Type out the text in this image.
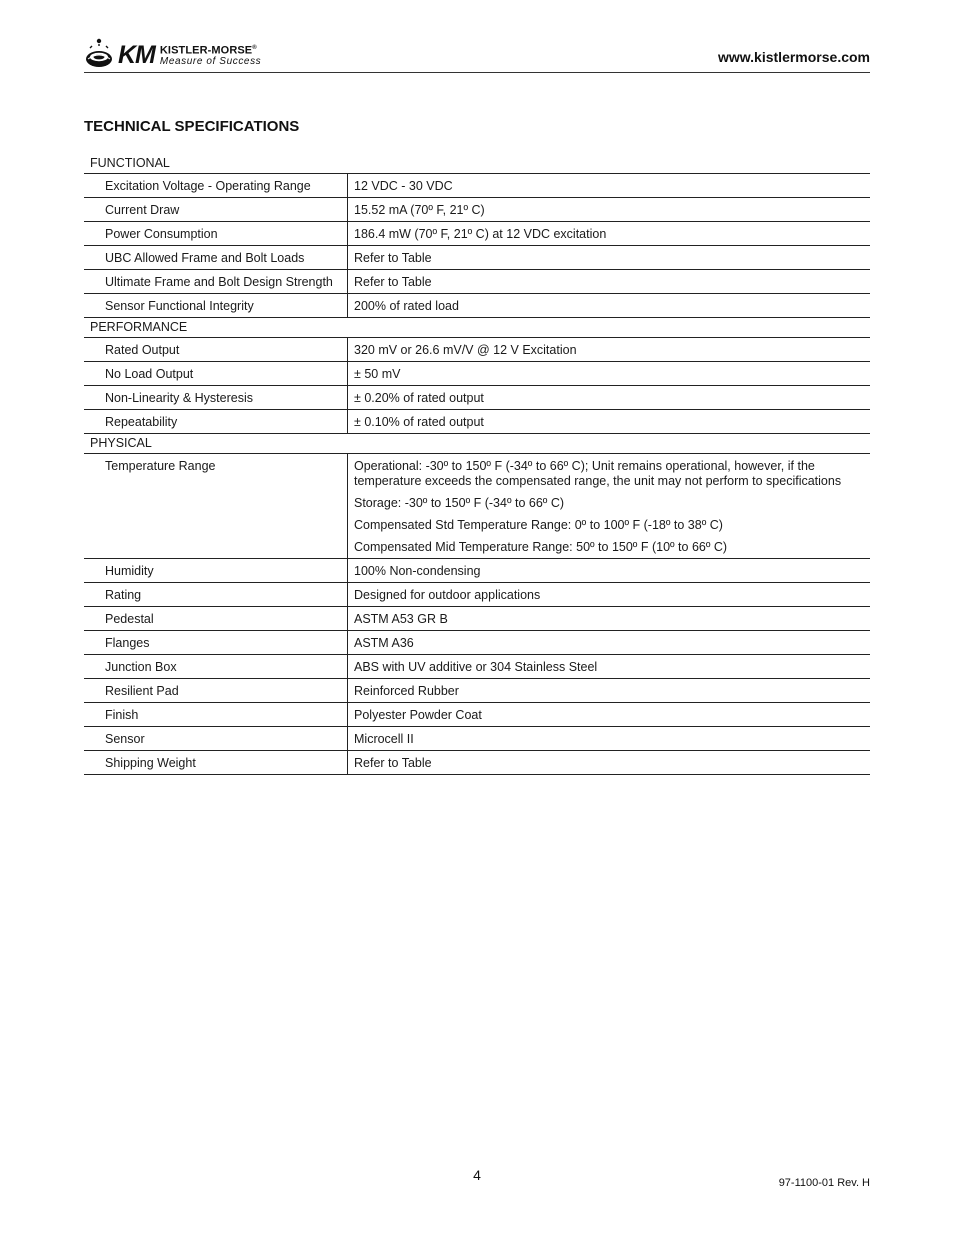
KM KISTLER-MORSE®
Measure of Success	www.kistlermorse.com
TECHNICAL SPECIFICATIONS
FUNCTIONAL
Excitation Voltage - Operating Range	12 VDC - 30 VDC
Current Draw	15.52 mA (70º F, 21º C)
Power Consumption	186.4 mW (70º F, 21º C) at 12 VDC excitation
UBC Allowed Frame and Bolt Loads	Refer to Table
Ultimate Frame and Bolt Design Strength	Refer to Table
Sensor Functional Integrity	200% of rated load
PERFORMANCE
Rated Output	320 mV or 26.6 mV/V @ 12 V Excitation
No Load Output	± 50 mV
Non-Linearity & Hysteresis	± 0.20% of rated output
Repeatability	± 0.10% of rated output
PHYSICAL
Temperature Range	Operational: -30º to 150º F (-34º to 66º C); Unit remains operational, however, if the temperature exceeds the compensated range, the unit may not perform to specifications

Storage: -30º to 150º F (-34º to 66º C)

Compensated Std Temperature Range: 0º to 100º F (-18º to 38º C)

Compensated Mid Temperature Range: 50º to 150º F (10º to 66º C)

Humidity	100% Non-condensing
Rating	Designed for outdoor applications
Pedestal	ASTM A53 GR B
Flanges	ASTM A36
Junction Box	ABS with UV additive or 304 Stainless Steel
Resilient Pad	Reinforced Rubber
Finish	Polyester Powder Coat
Sensor	Microcell II
Shipping Weight	Refer to Table
4	97-1100-01 Rev. H
